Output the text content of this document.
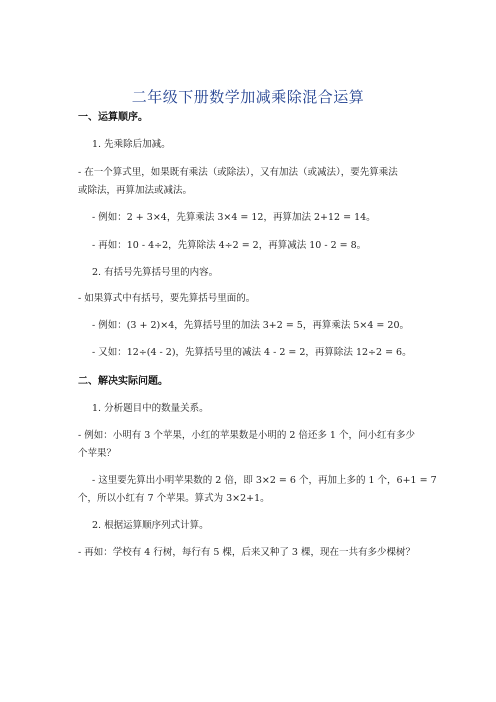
二年级下册数学加减乘除混合运算
一、运算顺序。
1. 先乘除后加减。
- 在一个算式里，如果既有乘法（或除法），又有加法（或减法），要先算乘法
或除法，再算加法或减法。
- 例如：2 + 3×4，先算乘法 3×4 = 12，再算加法 2+12 = 14。
- 再如：10 - 4÷2，先算除法 4÷2 = 2，再算减法 10 - 2 = 8。
2. 有括号先算括号里的内容。
- 如果算式中有括号，要先算括号里面的。
- 例如：(3 + 2)×4，先算括号里的加法 3+2 = 5，再算乘法 5×4 = 20。
- 又如：12÷(4 - 2)，先算括号里的减法 4 - 2 = 2，再算除法 12÷2 = 6。
二、解决实际问题。
1. 分析题目中的数量关系。
- 例如：小明有 3 个苹果，小红的苹果数是小明的 2 倍还多 1 个，问小红有多少
个苹果？
- 这里要先算出小明苹果数的 2 倍，即 3×2 = 6 个，再加上多的 1 个，6+1 = 7
个，所以小红有 7 个苹果。算式为 3×2+1。
2. 根据运算顺序列式计算。
- 再如：学校有 4 行树，每行有 5 棵，后来又种了 3 棵，现在一共有多少棵树？
